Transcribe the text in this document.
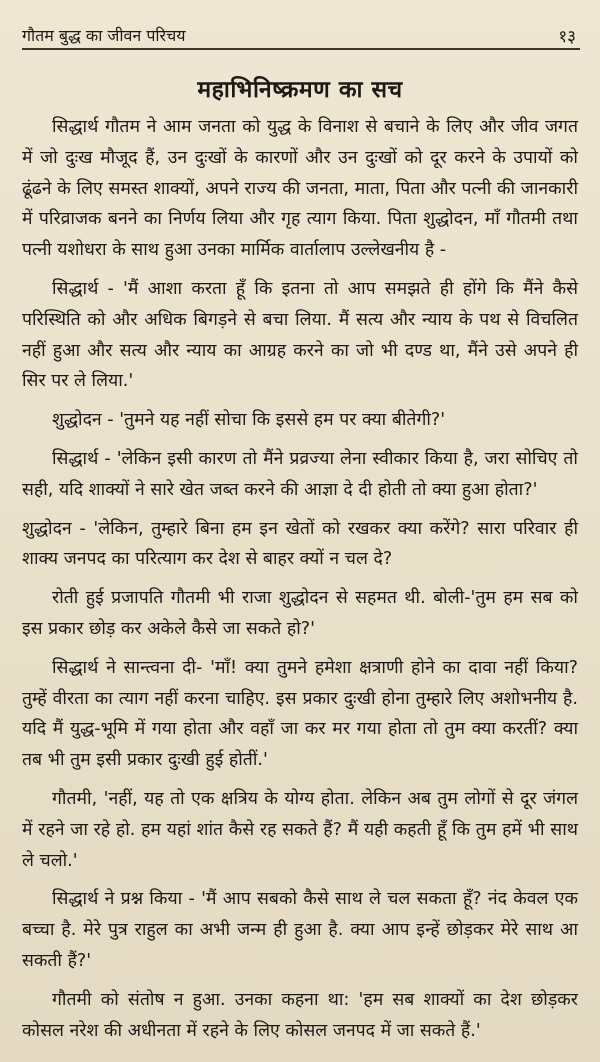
गौतम बुद्ध का जीवन परिचय	१३
महाभिनिष्क्रमण का सच

सिद्धार्थ गौतम ने आम जनता को युद्ध के विनाश से बचाने के लिए और जीव जगत में जो दुःख मौजूद हैं, उन दुःखों के कारणों और उन दुःखों को दूर करने के उपायों को ढूंढने के लिए समस्त शाक्यों, अपने राज्य की जनता, माता, पिता और पत्नी की जानकारी में परिव्राजक बनने का निर्णय लिया और गृह त्याग किया. पिता शुद्धोदन, माँ गौतमी तथा पत्नी यशोधरा के साथ हुआ उनका मार्मिक वार्तालाप उल्लेखनीय है -

सिद्धार्थ - 'मैं आशा करता हूँ कि इतना तो आप समझते ही होंगे कि मैंने कैसे परिस्थिति को और अधिक बिगड़ने से बचा लिया. मैं सत्य और न्याय के पथ से विचलित नहीं हुआ और सत्य और न्याय का आग्रह करने का जो भी दण्ड था, मैंने उसे अपने ही सिर पर ले लिया.'

शुद्धोदन - 'तुमने यह नहीं सोचा कि इससे हम पर क्या बीतेगी?'

सिद्धार्थ - 'लेकिन इसी कारण तो मैंने प्रव्रज्या लेना स्वीकार किया है, जरा सोचिए तो सही, यदि शाक्यों ने सारे खेत जब्त करने की आज्ञा दे दी होती तो क्या हुआ होता?'

शुद्धोदन - 'लेकिन, तुम्हारे बिना हम इन खेतों को रखकर क्या करेंगे? सारा परिवार ही शाक्य जनपद का परित्याग कर देश से बाहर क्यों न चल दे?

रोती हुई प्रजापति गौतमी भी राजा शुद्धोदन से सहमत थी. बोली-'तुम हम सब को इस प्रकार छोड़ कर अकेले कैसे जा सकते हो?'

सिद्धार्थ ने सान्त्वना दी- 'माँ! क्या तुमने हमेशा क्षत्राणी होने का दावा नहीं किया? तुम्हें वीरता का त्याग नहीं करना चाहिए. इस प्रकार दुःखी होना तुम्हारे लिए अशोभनीय है. यदि मैं युद्ध-भूमि में गया होता और वहाँ जा कर मर गया होता तो तुम क्या करतीं? क्या तब भी तुम इसी प्रकार दुःखी हुई होतीं.'

गौतमी, 'नहीं, यह तो एक क्षत्रिय के योग्य होता. लेकिन अब तुम लोगों से दूर जंगल में रहने जा रहे हो. हम यहां शांत कैसे रह सकते हैं? मैं यही कहती हूँ कि तुम हमें भी साथ ले चलो.'

सिद्धार्थ ने प्रश्न किया - 'मैं आप सबको कैसे साथ ले चल सकता हूँ? नंद केवल एक बच्चा है. मेरे पुत्र राहुल का अभी जन्म ही हुआ है. क्या आप इन्हें छोड़कर मेरे साथ आ सकती हैं?'

गौतमी को संतोष न हुआ. उनका कहना था: 'हम सब शाक्यों का देश छोड़कर कोसल नरेश की अधीनता में रहने के लिए कोसल जनपद में जा सकते हैं.'
